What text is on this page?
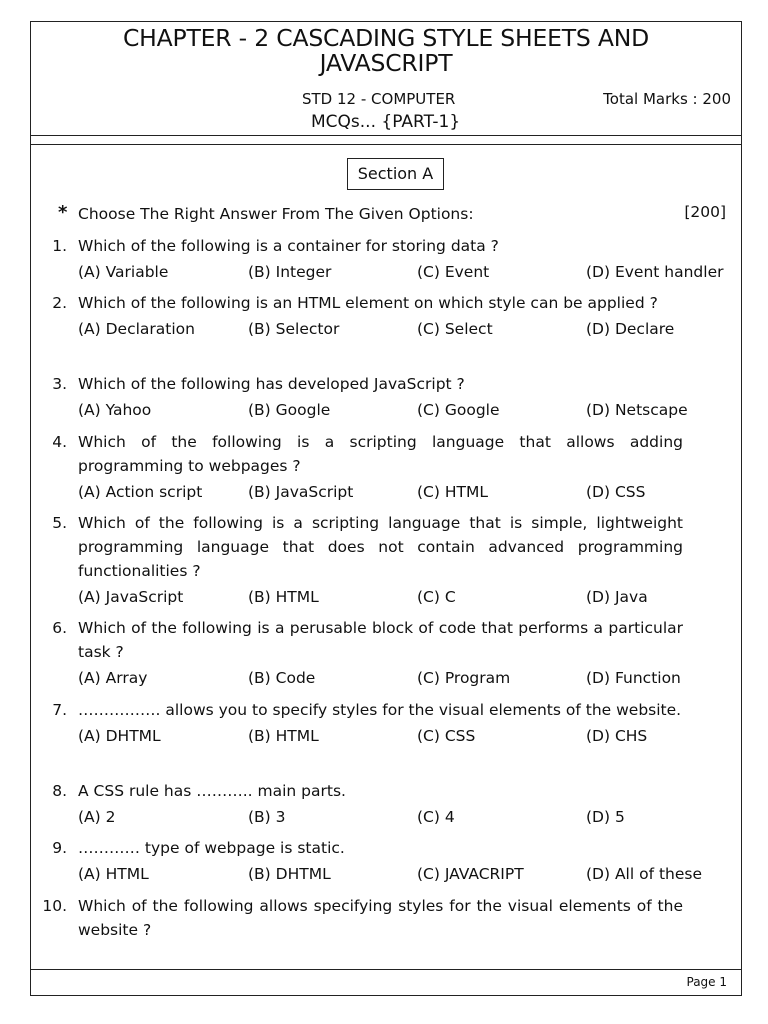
CHAPTER - 2 CASCADING STYLE SHEETS AND
JAVASCRIPT
STD 12 - COMPUTER	Total Marks : 200
MCQs... {PART-1}
Section A
* Choose The Right Answer From The Given Options:	[200]
1. Which of the following is a container for storing data ?
(A) Variable	(B) Integer	(C) Event	(D) Event handler
2. Which of the following is an HTML element on which style can be applied ?
(A) Declaration	(B) Selector	(C) Select	(D) Declare
3. Which of the following has developed JavaScript ?
(A) Yahoo	(B) Google	(C) Google	(D) Netscape
4. Which of the following is a scripting language that allows adding programming to webpages ?
(A) Action script	(B) JavaScript	(C) HTML	(D) CSS
5. Which of the following is a scripting language that is simple, lightweight programming language that does not contain advanced programming functionalities ?
(A) JavaScript	(B) HTML	(C) C	(D) Java
6. Which of the following is a perusable block of code that performs a particular task ?
(A) Array	(B) Code	(C) Program	(D) Function
7. ……………. allows you to specify styles for the visual elements of the website.
(A) DHTML	(B) HTML	(C) CSS	(D) CHS
8. A CSS rule has ……….. main parts.
(A) 2	(B) 3	(C) 4	(D) 5
9. ………… type of webpage is static.
(A) HTML	(B) DHTML	(C) JAVACRIPT	(D) All of these
10. Which of the following allows specifying styles for the visual elements of the website ?
Page 1
